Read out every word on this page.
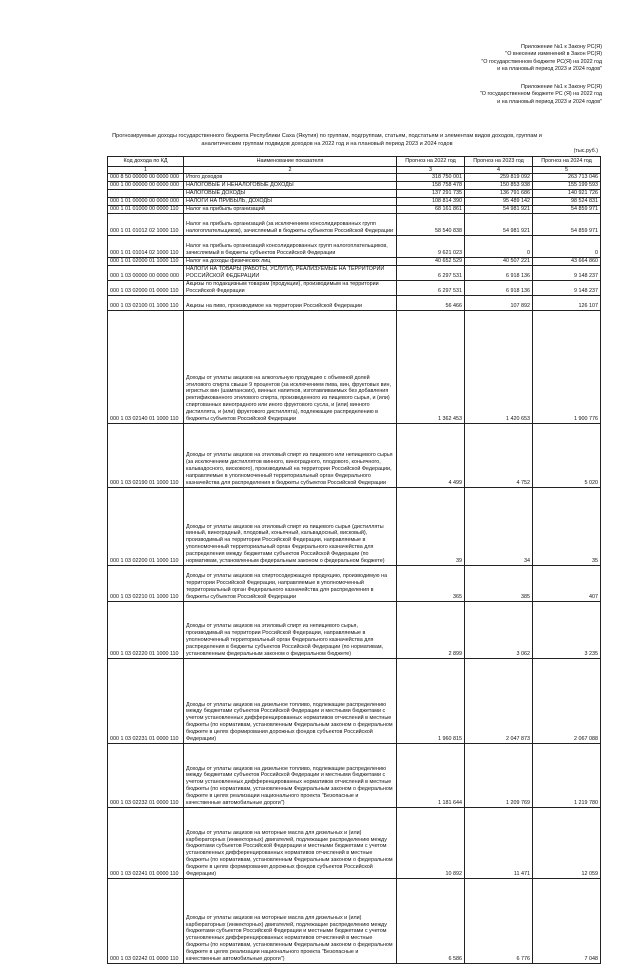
Приложение №1 к Закону РС(Я)
"О внесении изменений в Закон РС(Я)
"О государственном бюджете РС(Я) на 2022 год
и на плановый период 2023 и 2024 годов"
Приложение №1 к Закону РС(Я)
"О государственном бюджете РС (Я) на 2022 год
и на плановый период 2023 и 2024 годов"
Прогнозируемые доходы государственного бюджета Республики Саха (Якутия) по группам, подгруппам, статьям, подстатьям и элементам видов доходов, группам и аналитическим группам подвидов доходов на 2022 год и на плановый период 2023 и 2024 годов
(тыс.руб.)
Код дохода по КД	Наименование показателя	Прогноз на 2022 год	Прогноз на 2023 год	Прогноз на 2024 год
1	2	3	4	5
000 8 50 00000 00 0000 000	Итого доходов	318 750 001	259 819 092	263 713 046
000 1 00 00000 00 0000 000	НАЛОГОВЫЕ И НЕНАЛОГОВЫЕ ДОХОДЫ	158 758 478	150 853 938	155 199 593
	НАЛОГОВЫЕ ДОХОДЫ	137 291 735	136 791 686	140 921 726
000 1 01 00000 00 0000 000	НАЛОГИ НА ПРИБЫЛЬ, ДОХОДЫ	108 814 390	95 489 142	98 524 831
000 1 01 01000 00 0000 110	Налог на прибыль организаций	68 161 861	54 981 921	54 859 971
000 1 01 01012 02 1000 110	Налог на прибыль организаций (за исключением консолидированных групп налогоплательщиков), зачисляемый в бюджеты субъектов Российской Федерации	58 540 838	54 981 921	54 859 971
000 1 01 01014 02 1000 110	Налог на прибыль организаций консолидированных групп налогоплательщиков, зачисляемый в бюджеты субъектов Российской Федерации	9 621 023	0	0
000 1 01 02000 01 1000 110	Налог на доходы физических лиц	40 652 529	40 507 221	43 664 860
000 1 03 00000 00 0000 000	НАЛОГИ НА ТОВАРЫ (РАБОТЫ, УСЛУГИ), РЕАЛИЗУЕМЫЕ НА ТЕРРИТОРИИ РОССИЙСКОЙ ФЕДЕРАЦИИ	6 297 531	6 918 136	9 148 237
000 1 03 02000 01 0000 110	Акцизы по подакцизным товарам (продукции), производимым на территории Российской Федерации	6 297 531	6 918 136	9 148 237
000 1 03 02100 01 1000 110	Акцизы на пиво, производимое на территории Российской Федерации	56 466	107 892	126 107
000 1 03 02140 01 1000 110	Доходы от уплаты акцизов на алкогольную продукцию с объемной долей этилового спирта свыше 9 процентов (за исключением пива, вин, фруктовых вин, игристых вин (шампанских), винных напитков, изготавливаемых без добавления ректификованного этилового спирта, произведенного из пищевого сырья, и (или) спиртованных виноградного или иного фруктового сусла, и (или) винного дистиллята, и (или) фруктового дистиллята), подлежащие распределению в бюджеты субъектов Российской Федерации	1 362 453	1 420 653	1 900 776
000 1 03 02190 01 1000 110	Доходы от уплаты акцизов на этиловый спирт из пищевого или непищевого сырья (за исключением дистиллятов винного, виноградного, плодового, коньячного, кальвадосного, вискового), производимый на территории Российской Федерации, направляемые в уполномоченный территориальный орган Федерального казначейства для распределения в бюджеты субъектов Российской Федерации	4 499	4 752	5 020
000 1 03 02200 01 1000 110	Доходы от уплаты акцизов на этиловый спирт из пищевого сырья (дистилляты винный, виноградный, плодовый, коньячный, кальвадосный, висковый), производимый на территории Российской Федерации, направляемые в уполномоченный территориальный орган Федерального казначейства для распределения между бюджетами субъектов Российской Федерации (по нормативам, установленным федеральным законом о федеральном бюджете)	39	34	35
000 1 03 02210 01 1000 110	Доходы от уплаты акцизов на спиртосодержащую продукцию, производимую на территории Российской Федерации, направляемые в уполномоченный территориальный орган Федерального казначейства для распределения в бюджеты субъектов Российской Федерации	365	385	407
000 1 03 02220 01 1000 110	Доходы от уплаты акцизов на этиловый спирт из непищевого сырья, производимый на территории Российской Федерации, направляемые в уполномоченный территориальный орган Федерального казначейства для распределения в бюджеты субъектов Российской Федерации (по нормативам, установленным федеральным законом о федеральном бюджете)	2 899	3 062	3 235
000 1 03 02231 01 0000 110	Доходы от уплаты акцизов на дизельное топливо, подлежащие распределению между бюджетами субъектов Российской Федерации и местными бюджетами с учетом установленных дифференцированных нормативов отчислений в местные бюджеты (по нормативам, установленным Федеральным законом о федеральном бюджете в целях формирования дорожных фондов субъектов Российской Федерации)	1 960 815	2 047 873	2 067 088
000 1 03 02232 01 0000 110	Доходы от уплаты акцизов на дизельное топливо, подлежащие распределению между бюджетами субъектов Российской Федерации и местными бюджетами с учетом установленных дифференцированных нормативов отчислений в местные бюджеты (по нормативам, установленным Федеральным законом о федеральном бюджете в целях реализации национального проекта "Безопасные и качественные автомобильные дороги")	1 181 644	1 209 769	1 219 780
000 1 03 02241 01 0000 110	Доходы от уплаты акцизов на моторные масла для дизельных и (или) карбюраторных (инжекторных) двигателей, подлежащие распределению между бюджетами субъектов Российской Федерации и местными бюджетами с учетом установленных дифференцированных нормативов отчислений в местные бюджеты (по нормативам, установленным Федеральным законом о федеральном бюджете в целях формирования дорожных фондов субъектов Российской Федерации)	10 892	11 471	12 059
000 1 03 02242 01 0000 110	Доходы от уплаты акцизов на моторные масла для дизельных и (или) карбюраторных (инжекторных) двигателей, подлежащие распределению между бюджетами субъектов Российской Федерации и местными бюджетами с учетом установленных дифференцированных нормативов отчислений в местные бюджеты (по нормативам, установленным Федеральным законом о федеральном бюджете в целях реализации национального проекта "Безопасные и качественные автомобильные дороги")	6 586	6 776	7 048
